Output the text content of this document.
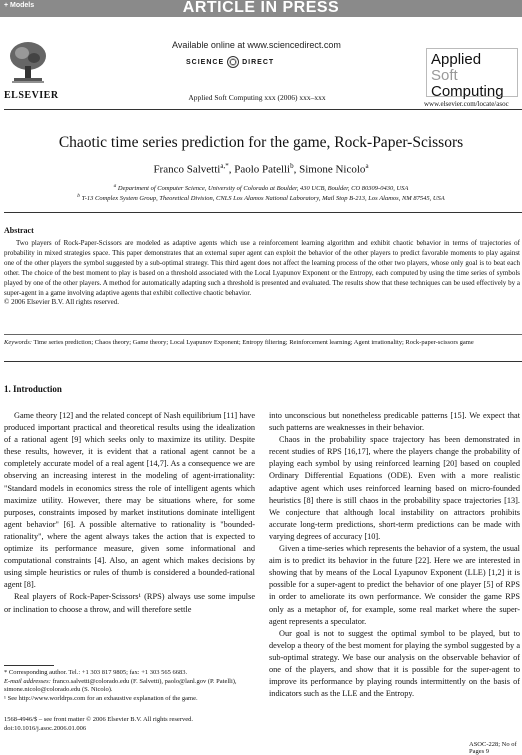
+ Models	ARTICLE IN PRESS
ELSEVIER
Available online at www.sciencedirect.com
SCIENCE	DIRECT
Applied Soft Computing xxx (2006) xxx–xxx
Applied
Soft
Computing
www.elsevier.com/locate/asoc
Chaotic time series prediction for the game, Rock-Paper-Scissors
Franco Salvetti$^{a,*}$, Paolo Patelli$^b$, Simone Nicolo$^a$
$^a$ Department of Computer Science, University of Colorado at Boulder, 430 UCB, Boulder, CO 80309-0430, USA
$^b$ T-13 Complex System Group, Theoretical Division, CNLS Los Alamos National Laboratory, Mail Stop B-213, Los Alamos, NM 87545, USA
Abstract

Two players of Rock-Paper-Scissors are modeled as adaptive agents which use a reinforcement learning algorithm and exhibit chaotic behavior in terms of trajectories of probability in mixed strategies space. This paper demonstrates that an external super agent can exploit the behavior of the other players to predict favorable moments to play against one of the other players the symbol suggested by a sub-optimal strategy. This third agent does not affect the learning process of the other two players, whose only goal is to beat each other. The choice of the best moment to play is based on a threshold associated with the Local Lyapunov Exponent or the Entropy, each computed by using the time series of symbols played by one of the other players. A method for automatically adapting such a threshold is presented and evaluated. The results show that these techniques can be used effectively by a super-agent in a game involving adaptive agents that exhibit collective chaotic behavior.

© 2006 Elsevier B.V. All rights reserved.
Keywords: Time series prediction; Chaos theory; Game theory; Local Lyapunov Exponent; Entropy filtering; Reinforcement learning; Agent irrationality; Rock-paper-scissors game
1. Introduction

Game theory [12] and the related concept of Nash equilibrium [11] have produced important practical and theoretical results using the idealization of a rational agent [9] which seeks only to maximize its utility. Despite these results, however, it is evident that a rational agent cannot be a completely accurate model of a real agent [14,7]. As a consequence we are observing an increasing interest in the modeling of agent-irrationality: "Standard models in economics stress the role of intelligent agents which maximize utility. However, there may be situations where, for some purposes, constraints imposed by market institutions dominate intelligent agent behavior" [6]. A possible alternative to rationality is "bounded-rationality", where the agent always takes the action that is expected to optimize its performance measure, given some informational and computational constraints [4]. Also, an agent which makes decisions by using simple heuristics or rules of thumb is considered a bounded-rational agent [8].

Real players of Rock-Paper-Scissors¹ (RPS) always use some impulse or inclination to choose a throw, and will therefore settle

into unconscious but nonetheless predicable patterns [15]. We expect that such patterns are weaknesses in their behavior.

Chaos in the probability space trajectory has been demonstrated in recent studies of RPS [16,17], where the players change the probability of playing each symbol by using reinforced learning [20] based on coupled Ordinary Differential Equations (ODE). Even with a more realistic adaptive agent which uses reinforced learning based on micro-founded heuristics [8] there is still chaos in the probability space trajectories [13]. We conjecture that although local instability on attractors prohibits accurate long-term predictions, short-term predictions can be made with varying degrees of accuracy [10].

Given a time-series which represents the behavior of a system, the usual aim is to predict its behavior in the future [22]. Here we are interested in showing that by means of the Local Lyapunov Exponent (LLE) [1,2] it is possible for a super-agent to predict the behavior of one player [5] of RPS in order to ameliorate its own performance. We consider the game RPS only as a metaphor of, for example, some real market where the super-agent represents a speculator.

Our goal is not to suggest the optimal symbol to be played, but to develop a theory of the best moment for playing the symbol suggested by a sub-optimal strategy. We base our analysis on the observable behavior of one of the players, and show that it is possible for the super-agent to improve its performance by playing rounds intermittently on the basis of indicators such as the LLE and the Entropy.

* Corresponding author. Tel.: +1 303 817 9805; fax: +1 303 565 6683.

E-mail addresses: franco.salvetti@colorado.edu (F. Salvetti), paolo@lanl.gov (P. Patelli), simone.nicolo@colorado.edu (S. Nicolo).

¹ See http://www.worldrps.com for an exhaustive explanation of the game.

1568-4946/$ – see front matter © 2006 Elsevier B.V. All rights reserved.
doi:10.1016/j.asoc.2006.01.006
ASOC-228; No of Pages 9
